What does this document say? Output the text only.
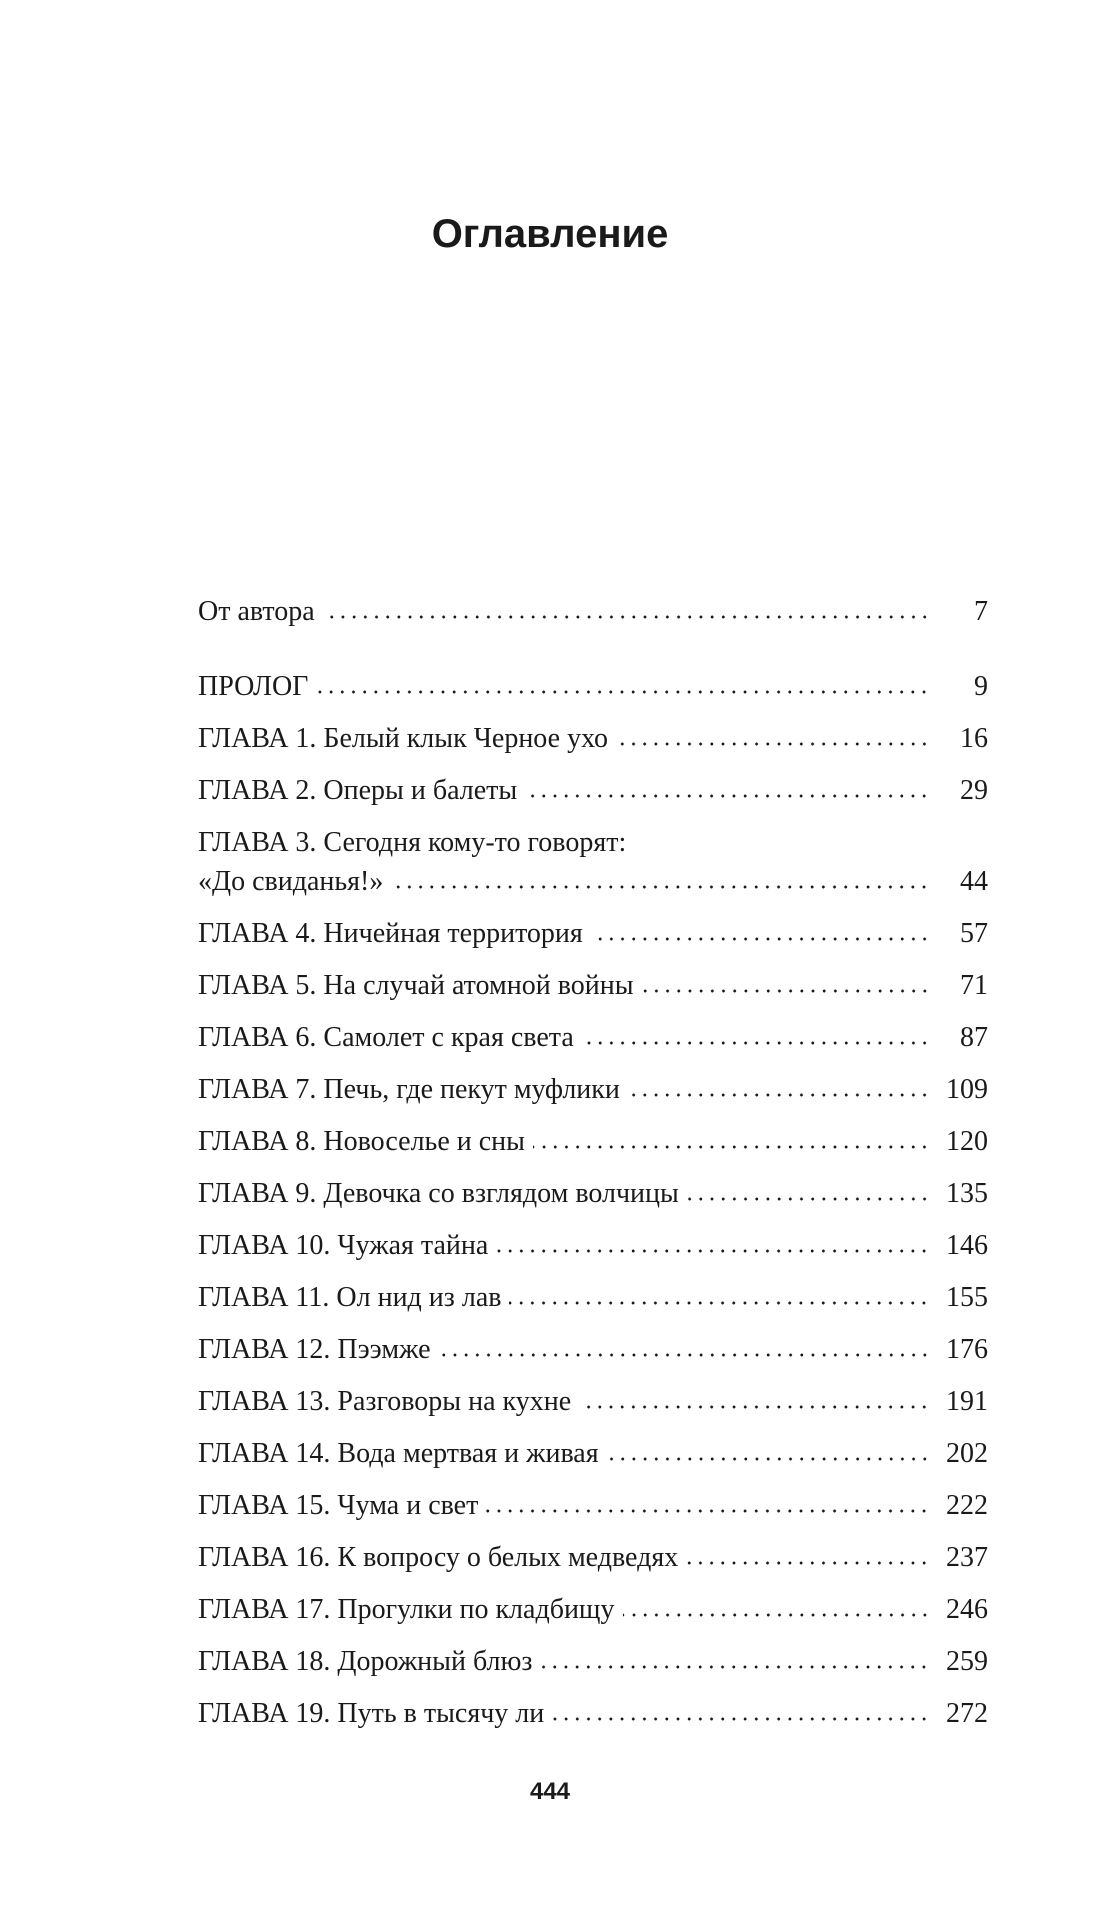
Оглавление
От автора	7
ПРОЛОГ	9
ГЛАВА 1. Белый клык Черное ухо	16
ГЛАВА 2. Оперы и балеты	29
ГЛАВА 3. Сегодня кому-то говорят:
«До свиданья!»	44
ГЛАВА 4. Ничейная территория	57
ГЛАВА 5. На случай атомной войны	71
ГЛАВА 6. Самолет с края света	87
ГЛАВА 7. Печь, где пекут муфлики	109
ГЛАВА 8. Новоселье и сны	120
ГЛАВА 9. Девочка со взглядом волчицы	135
ГЛАВА 10. Чужая тайна	146
ГЛАВА 11. Ол нид из лав	155
ГЛАВА 12. Пээмже	176
ГЛАВА 13. Разговоры на кухне	191
ГЛАВА 14. Вода мертвая и живая	202
ГЛАВА 15. Чума и свет	222
ГЛАВА 16. К вопросу о белых медведях	237
ГЛАВА 17. Прогулки по кладбищу	246
ГЛАВА 18. Дорожный блюз	259
ГЛАВА 19. Путь в тысячу ли	272
444
